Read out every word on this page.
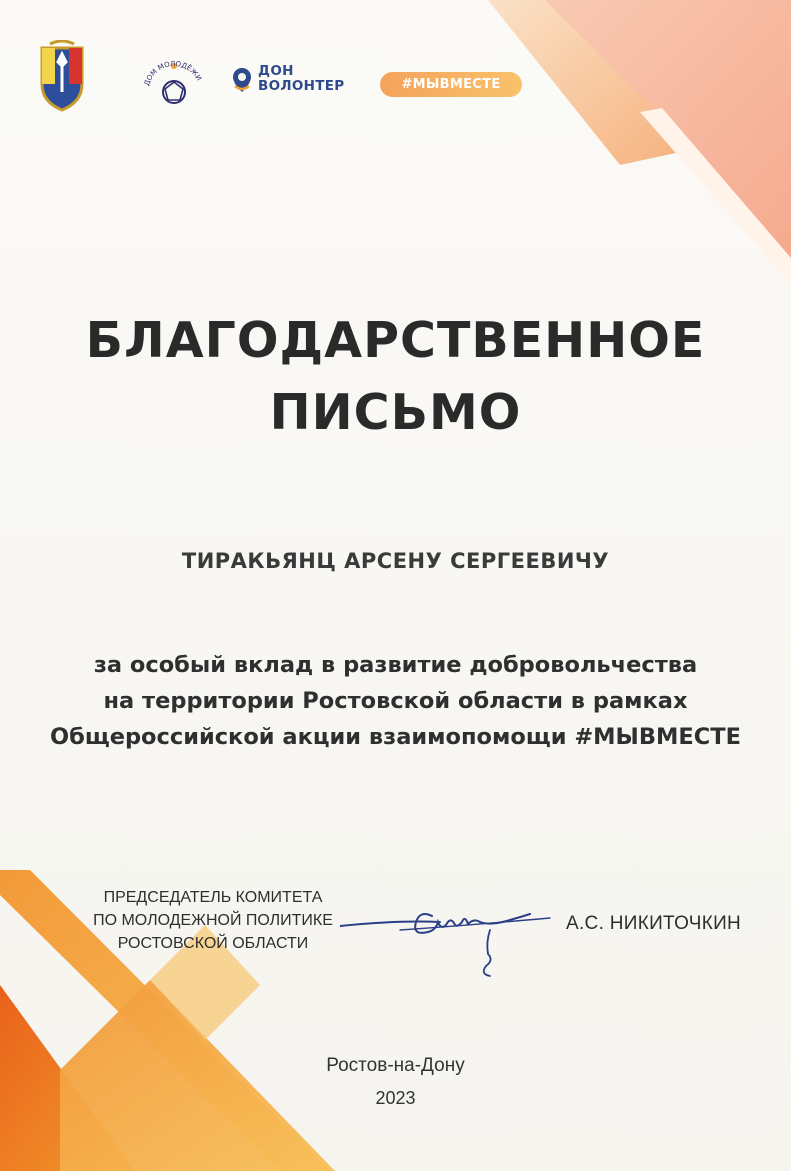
ДОМ МОЛОДЁЖИ	ДОН
ВОЛОНТЕР	#МЫВМЕСТЕ
БЛАГОДАРСТВЕННОЕ
ПИСЬМО
ТИРАКЬЯНЦ АРСЕНУ СЕРГЕЕВИЧУ
за особый вклад в развитие добровольчества
на территории Ростовской области в рамках
Общероссийской акции взаимопомощи #МЫВМЕСТЕ
ПРЕДСЕДАТЕЛЬ КОМИТЕТА
ПО МОЛОДЕЖНОЙ ПОЛИТИКЕ
РОСТОВСКОЙ ОБЛАСТИ
А.С. НИКИТОЧКИН
Ростов-на-Дону
2023
